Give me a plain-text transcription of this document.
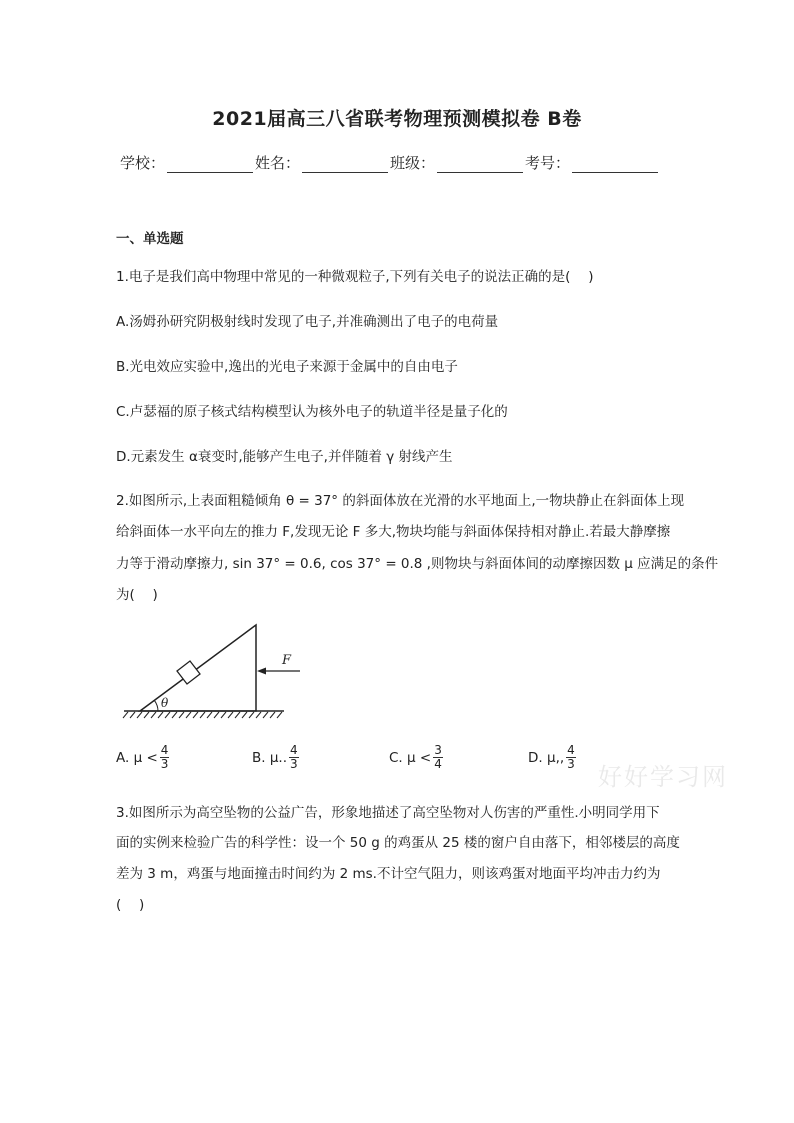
2021届高三八省联考物理预测模拟卷 B卷
学校：	姓名：	班级：	考号：
一、单选题
1.电子是我们高中物理中常见的一种微观粒子,下列有关电子的说法正确的是(　 )
A.汤姆孙研究阴极射线时发现了电子,并准确测出了电子的电荷量
B.光电效应实验中,逸出的光电子来源于金属中的自由电子
C.卢瑟福的原子核式结构模型认为核外电子的轨道半径是量子化的
D.元素发生 α衰变时,能够产生电子,并伴随着 γ 射线产生
2.如图所示,上表面粗糙倾角 θ = 37° 的斜面体放在光滑的水平地面上,一物块静止在斜面体上现
给斜面体一水平向左的推力 F,发现无论 F 多大,物块均能与斜面体保持相对静止.若最大静摩擦
力等于滑动摩擦力, sin 37° = 0.6, cos 37° = 0.8 ,则物块与斜面体间的动摩擦因数 μ 应满足的条件
为(　 )
θ
F
A. $\mu < \frac{4}{3}$	B. μ.. $\frac{4}{3}$	C. $\mu < \frac{3}{4}$	D. μ,, $\frac{4}{3}$
好好学习网
3.如图所示为高空坠物的公益广告，形象地描述了高空坠物对人伤害的严重性.小明同学用下
面的实例来检验广告的科学性：设一个 50 g 的鸡蛋从 25 楼的窗户自由落下，相邻楼层的高度
差为 3 m，鸡蛋与地面撞击时间约为 2 ms.不计空气阻力，则该鸡蛋对地面平均冲击力约为
(　 )
